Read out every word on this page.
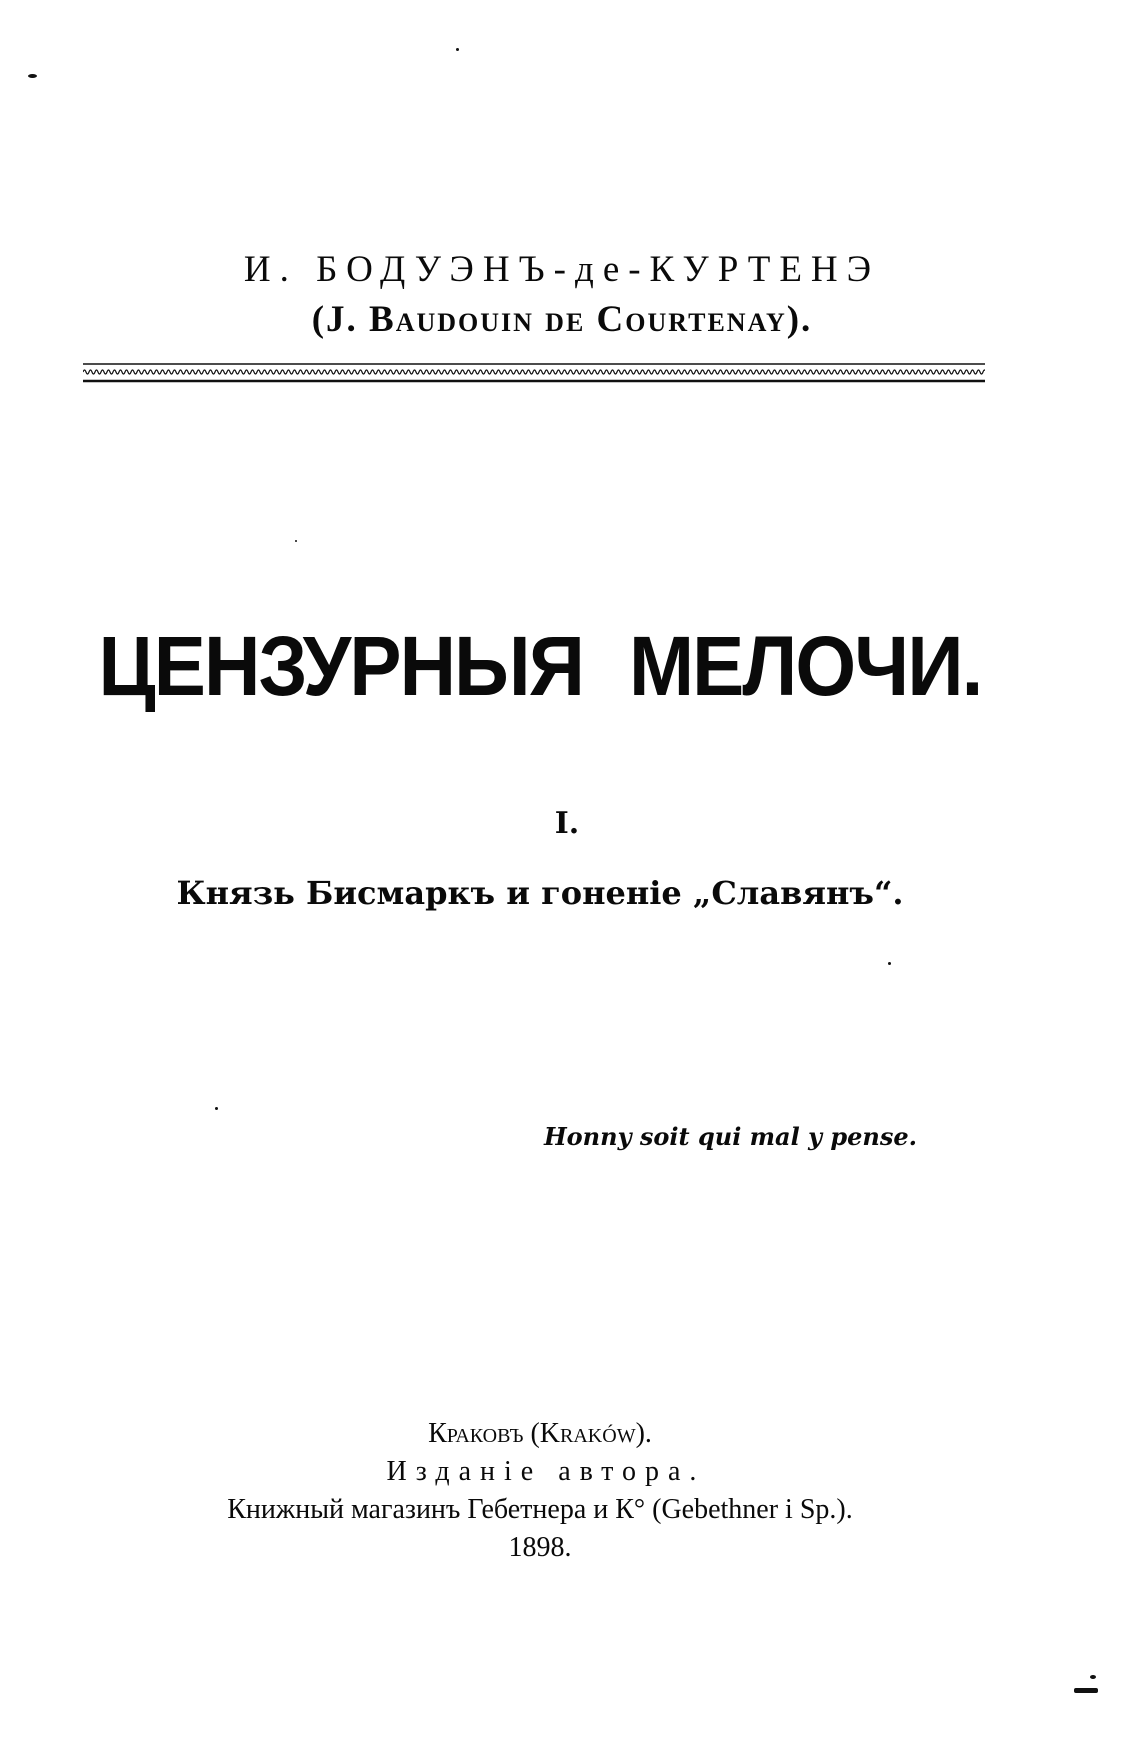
И. БОДУЭНЪ-де-КУРТЕНЭ
(J. Baudouin de Courtenay).
ЦЕНЗУРНЫЯ МЕЛОЧИ.
I.
Князь Бисмаркъ и гоненіе „Славянъ“.
Honny soit qui mal y pense.
Краковъ (Kraków).
Изданіе автора.
Книжный магазинъ Гебетнера и К° (Gebethner i Sp.).
1898.
